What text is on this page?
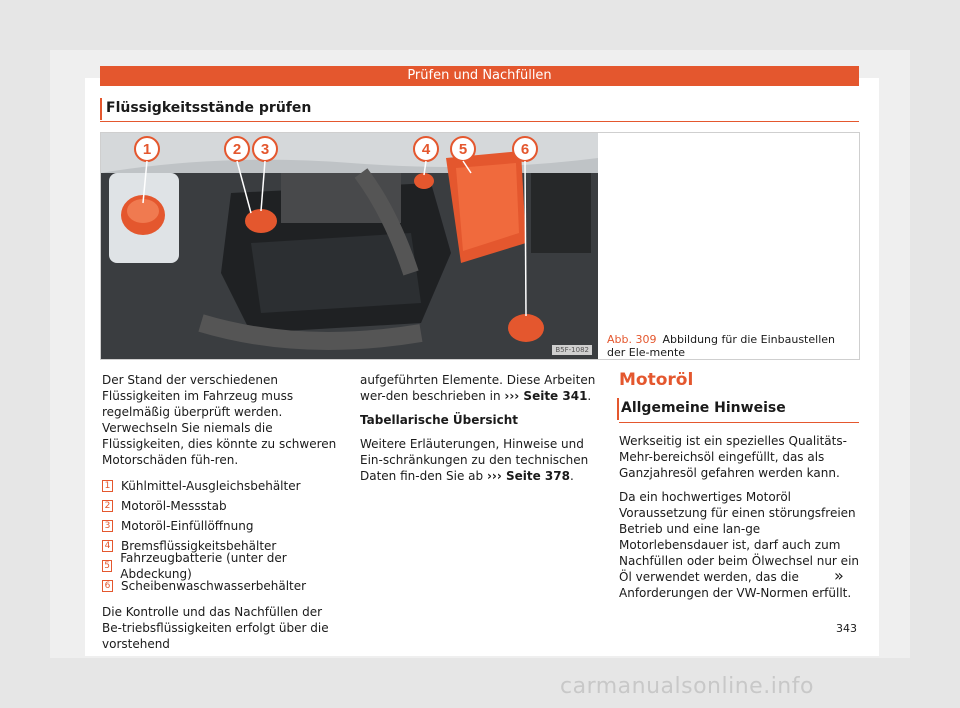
Prüfen und Nachfüllen
Flüssigkeitsstände prüfen
1	2 3	4 5	6
B5F-1082
Abb. 309 Abbildung für die Einbaustellen der Ele-mente

Der Stand der verschiedenen Flüssigkeiten im Fahrzeug muss regelmäßig überprüft werden. Verwechseln Sie niemals die Flüssigkeiten, dies könnte zu schweren Motorschäden füh-ren.

1 Kühlmittel-Ausgleichsbehälter
2 Motoröl-Messstab
3 Motoröl-Einfüllöffnung
4 Bremsflüssigkeitsbehälter
5
Fahrzeugbatterie (unter der Abdeckung)
6 Scheibenwaschwasserbehälter

Die Kontrolle und das Nachfüllen der Be-triebsflüssigkeiten erfolgt über die vorstehend

aufgeführten Elemente. Diese Arbeiten wer-den beschrieben in ››› Seite 341.

Tabellarische Übersicht

Weitere Erläuterungen, Hinweise und Ein-schränkungen zu den technischen Daten fin-den Sie ab ››› Seite 378.

Motoröl
Allgemeine Hinweise

Werkseitig ist ein spezielles Qualitäts-Mehr-bereichsöl eingefüllt, das als Ganzjahresöl gefahren werden kann.

Da ein hochwertiges Motoröl Voraussetzung für einen störungsfreien Betrieb und eine lan-ge Motorlebensdauer ist, darf auch zum Nachfüllen oder beim Ölwechsel nur ein Öl verwendet werden, das die Anforderungen der VW-Normen erfüllt.

»
343
carmanualsonline.info
